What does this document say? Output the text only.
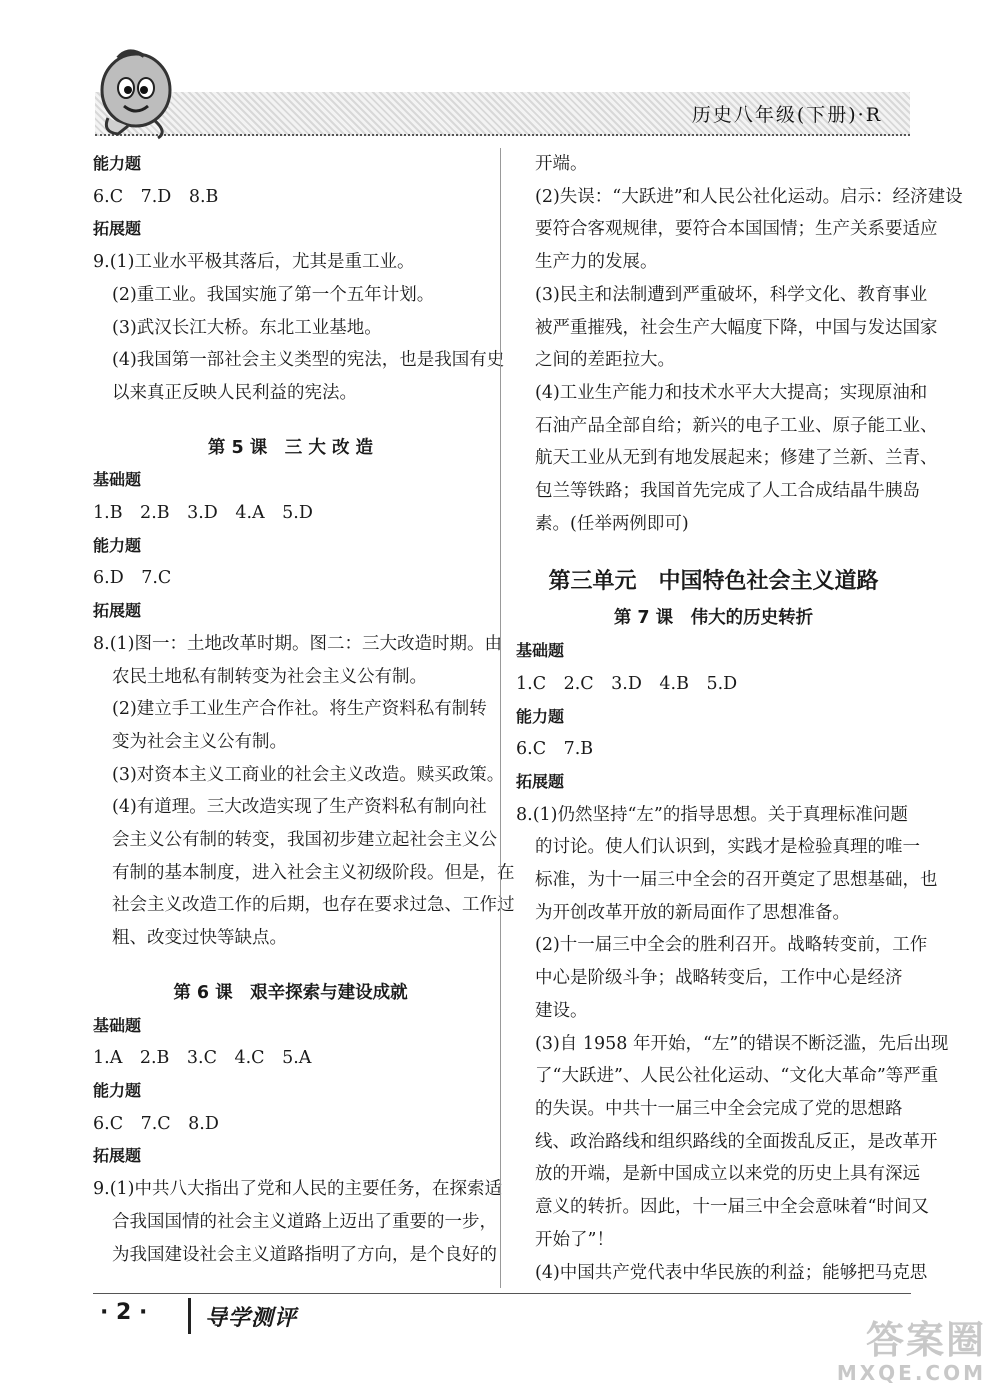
历史八年级(下册)·R
能力题
6.C　7.D　8.B
拓展题
9.(1)工业水平极其落后，尤其是重工业。
(2)重工业。我国实施了第一个五年计划。
(3)武汉长江大桥。东北工业基地。
(4)我国第一部社会主义类型的宪法，也是我国有史
以来真正反映人民利益的宪法。
第 5 课　三 大 改 造
基础题
1.B　2.B　3.D　4.A　5.D
能力题
6.D　7.C
拓展题
8.(1)图一：土地改革时期。图二：三大改造时期。由
农民土地私有制转变为社会主义公有制。
(2)建立手工业生产合作社。将生产资料私有制转
变为社会主义公有制。
(3)对资本主义工商业的社会主义改造。赎买政策。
(4)有道理。三大改造实现了生产资料私有制向社
会主义公有制的转变，我国初步建立起社会主义公
有制的基本制度，进入社会主义初级阶段。但是，在
社会主义改造工作的后期，也存在要求过急、工作过
粗、改变过快等缺点。
第 6 课　艰辛探索与建设成就
基础题
1.A　2.B　3.C　4.C　5.A
能力题
6.C　7.C　8.D
拓展题
9.(1)中共八大指出了党和人民的主要任务，在探索适
合我国国情的社会主义道路上迈出了重要的一步，
为我国建设社会主义道路指明了方向，是个良好的
开端。
(2)失误：“大跃进”和人民公社化运动。启示：经济建设
要符合客观规律，要符合本国国情；生产关系要适应
生产力的发展。
(3)民主和法制遭到严重破坏，科学文化、教育事业
被严重摧残，社会生产大幅度下降，中国与发达国家
之间的差距拉大。
(4)工业生产能力和技术水平大大提高；实现原油和
石油产品全部自给；新兴的电子工业、原子能工业、
航天工业从无到有地发展起来；修建了兰新、兰青、
包兰等铁路；我国首先完成了人工合成结晶牛胰岛
素。(任举两例即可)
第三单元　中国特色社会主义道路
第 7 课　伟大的历史转折
基础题
1.C　2.C　3.D　4.B　5.D
能力题
6.C　7.B
拓展题
8.(1)仍然坚持“左”的指导思想。关于真理标准问题
的讨论。使人们认识到，实践才是检验真理的唯一
标准，为十一届三中全会的召开奠定了思想基础，也
为开创改革开放的新局面作了思想准备。
(2)十一届三中全会的胜利召开。战略转变前，工作
中心是阶级斗争；战略转变后，工作中心是经济
建设。
(3)自 1958 年开始，“左”的错误不断泛滥，先后出现
了“大跃进”、人民公社化运动、“文化大革命”等严重
的失误。中共十一届三中全会完成了党的思想路
线、政治路线和组织路线的全面拨乱反正，是改革开
放的开端，是新中国成立以来党的历史上具有深远
意义的转折。因此，十一届三中全会意味着“时间又
开始了”！
(4)中国共产党代表中华民族的利益；能够把马克思
· 2 ·	导学测评	答案圈
MXQE.COM
